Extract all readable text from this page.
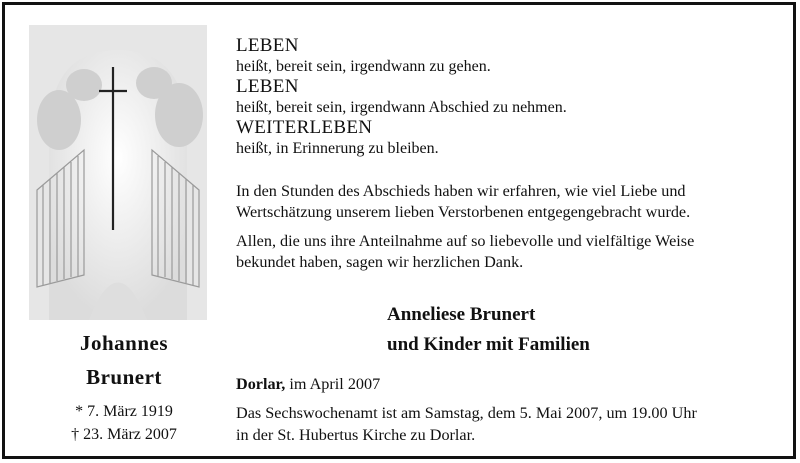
LEBEN
heißt, bereit sein, irgendwann zu gehen.
LEBEN
heißt, bereit sein, irgendwann Abschied zu nehmen.
WEITERLEBEN
heißt, in Erinnerung zu bleiben.
In den Stunden des Abschieds haben wir erfahren, wie viel Liebe und
Wertschätzung unserem lieben Verstorbenen entgegengebracht wurde.
Allen, die uns ihre Anteilnahme auf so liebevolle und vielfältige Weise
bekundet haben, sagen wir herzlichen Dank.
Anneliese Brunert
und Kinder mit Familien
Johannes
Brunert
* 7. März 1919
† 23. März 2007
Dorlar, im April 2007
Das Sechswochenamt ist am Samstag, dem 5. Mai 2007, um 19.00 Uhr
in der St. Hubertus Kirche zu Dorlar.
